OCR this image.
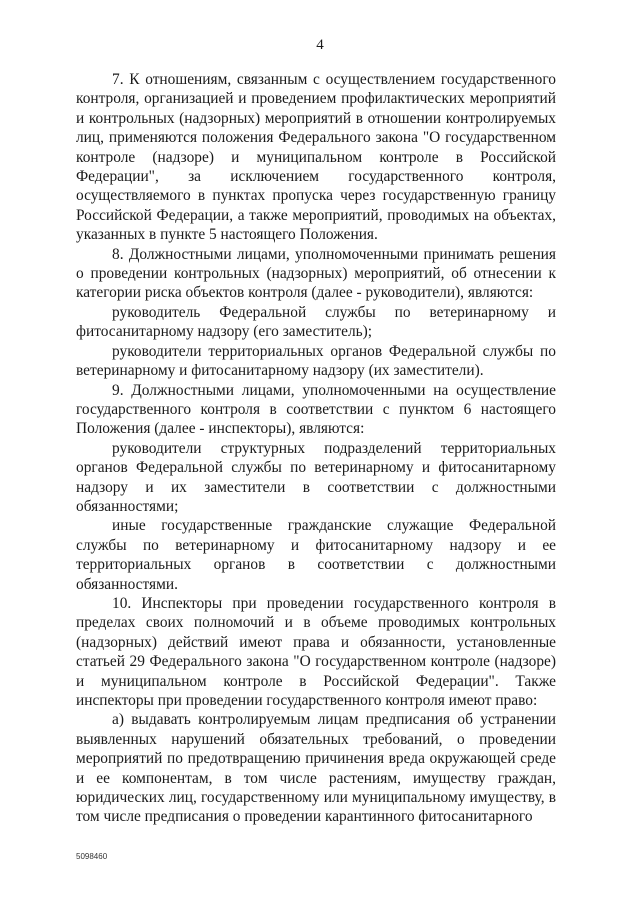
4

7. К отношениям, связанным с осуществлением государственного контроля, организацией и проведением профилактических мероприятий и контрольных (надзорных) мероприятий в отношении контролируемых лиц, применяются положения Федерального закона "О государственном контроле (надзоре) и муниципальном контроле в Российской Федерации", за исключением государственного контроля, осуществляемого в пунктах пропуска через государственную границу Российской Федерации, а также мероприятий, проводимых на объектах, указанных в пункте 5 настоящего Положения.

8. Должностными лицами, уполномоченными принимать решения о проведении контрольных (надзорных) мероприятий, об отнесении к категории риска объектов контроля (далее - руководители), являются:

руководитель Федеральной службы по ветеринарному и фитосанитарному надзору (его заместитель);

руководители территориальных органов Федеральной службы по ветеринарному и фитосанитарному надзору (их заместители).

9. Должностными лицами, уполномоченными на осуществление государственного контроля в соответствии с пунктом 6 настоящего Положения (далее - инспекторы), являются:

руководители структурных подразделений территориальных органов Федеральной службы по ветеринарному и фитосанитарному надзору и их заместители в соответствии с должностными обязанностями;

иные государственные гражданские служащие Федеральной службы по ветеринарному и фитосанитарному надзору и ее территориальных органов в соответствии с должностными обязанностями.

10. Инспекторы при проведении государственного контроля в пределах своих полномочий и в объеме проводимых контрольных (надзорных) действий имеют права и обязанности, установленные статьей 29 Федерального закона "О государственном контроле (надзоре) и муниципальном контроле в Российской Федерации". Также инспекторы при проведении государственного контроля имеют право:

а) выдавать контролируемым лицам предписания об устранении выявленных нарушений обязательных требований, о проведении мероприятий по предотвращению причинения вреда окружающей среде и ее компонентам, в том числе растениям, имуществу граждан, юридических лиц, государственному или муниципальному имуществу, в том числе предписания о проведении карантинного фитосанитарного

5098460
